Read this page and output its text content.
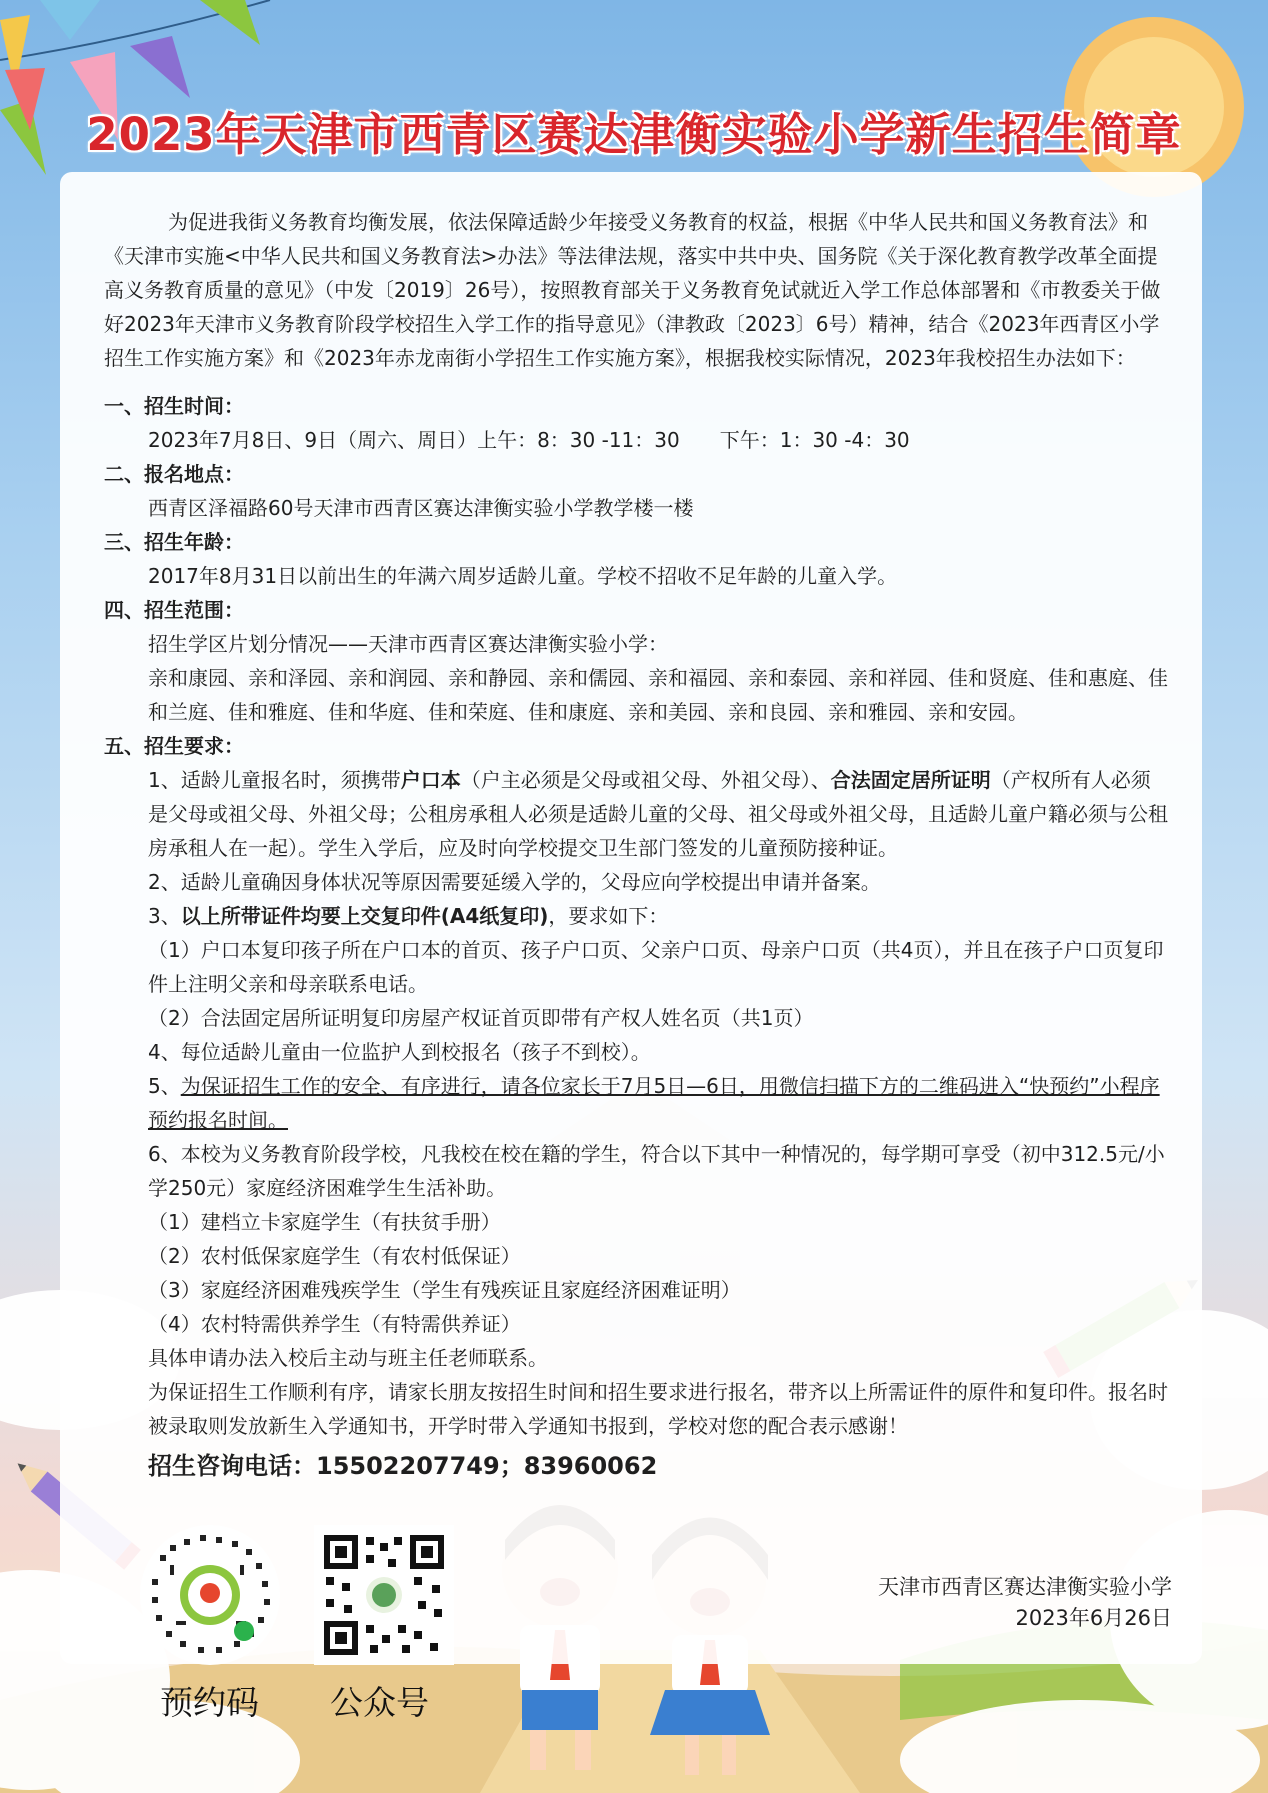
2023年天津市西青区赛达津衡实验小学新生招生简章

为促进我街义务教育均衡发展，依法保障适龄少年接受义务教育的权益，根据《中华人民共和国义务教育法》和《天津市实施<中华人民共和国义务教育法>办法》等法律法规，落实中共中央、国务院《关于深化教育教学改革全面提高义务教育质量的意见》（中发〔2019〕26号），按照教育部关于义务教育免试就近入学工作总体部署和《市教委关于做好2023年天津市义务教育阶段学校招生入学工作的指导意见》（津教政〔2023〕6号）精神，结合《2023年西青区小学招生工作实施方案》和《2023年赤龙南街小学招生工作实施方案》，根据我校实际情况，2023年我校招生办法如下：

一、招生时间：

2023年7月8日、9日（周六、周日）上午：8：30 -11：30　　下午：1：30 -4：30

二、报名地点：

西青区泽福路60号天津市西青区赛达津衡实验小学教学楼一楼

三、招生年龄：

2017年8月31日以前出生的年满六周岁适龄儿童。学校不招收不足年龄的儿童入学。

四、招生范围：

招生学区片划分情况——天津市西青区赛达津衡实验小学：

亲和康园、亲和泽园、亲和润园、亲和静园、亲和儒园、亲和福园、亲和泰园、亲和祥园、佳和贤庭、佳和惠庭、佳和兰庭、佳和雅庭、佳和华庭、佳和荣庭、佳和康庭、亲和美园、亲和良园、亲和雅园、亲和安园。

五、招生要求：

1、适龄儿童报名时，须携带户口本（户主必须是父母或祖父母、外祖父母）、合法固定居所证明（产权所有人必须是父母或祖父母、外祖父母；公租房承租人必须是适龄儿童的父母、祖父母或外祖父母，且适龄儿童户籍必须与公租房承租人在一起）。学生入学后，应及时向学校提交卫生部门签发的儿童预防接种证。

2、适龄儿童确因身体状况等原因需要延缓入学的，父母应向学校提出申请并备案。

3、以上所带证件均要上交复印件(A4纸复印)，要求如下：

（1）户口本复印孩子所在户口本的首页、孩子户口页、父亲户口页、母亲户口页（共4页），并且在孩子户口页复印件上注明父亲和母亲联系电话。

（2）合法固定居所证明复印房屋产权证首页即带有产权人姓名页（共1页）

4、每位适龄儿童由一位监护人到校报名（孩子不到校）。

5、为保证招生工作的安全、有序进行，请各位家长于7月5日—6日，用微信扫描下方的二维码进入“快预约”小程序预约报名时间。

6、本校为义务教育阶段学校，凡我校在校在籍的学生，符合以下其中一种情况的，每学期可享受（初中312.5元/小学250元）家庭经济困难学生生活补助。

（1）建档立卡家庭学生（有扶贫手册）

（2）农村低保家庭学生（有农村低保证）

（3）家庭经济困难残疾学生（学生有残疾证且家庭经济困难证明）

（4）农村特需供养学生（有特需供养证）

具体申请办法入校后主动与班主任老师联系。

为保证招生工作顺利有序，请家长朋友按招生时间和招生要求进行报名，带齐以上所需证件的原件和复印件。报名时被录取则发放新生入学通知书，开学时带入学通知书报到，学校对您的配合表示感谢！

招生咨询电话：15502207749；83960062

预约码 公众号
天津市西青区赛达津衡实验小学
2023年6月26日
